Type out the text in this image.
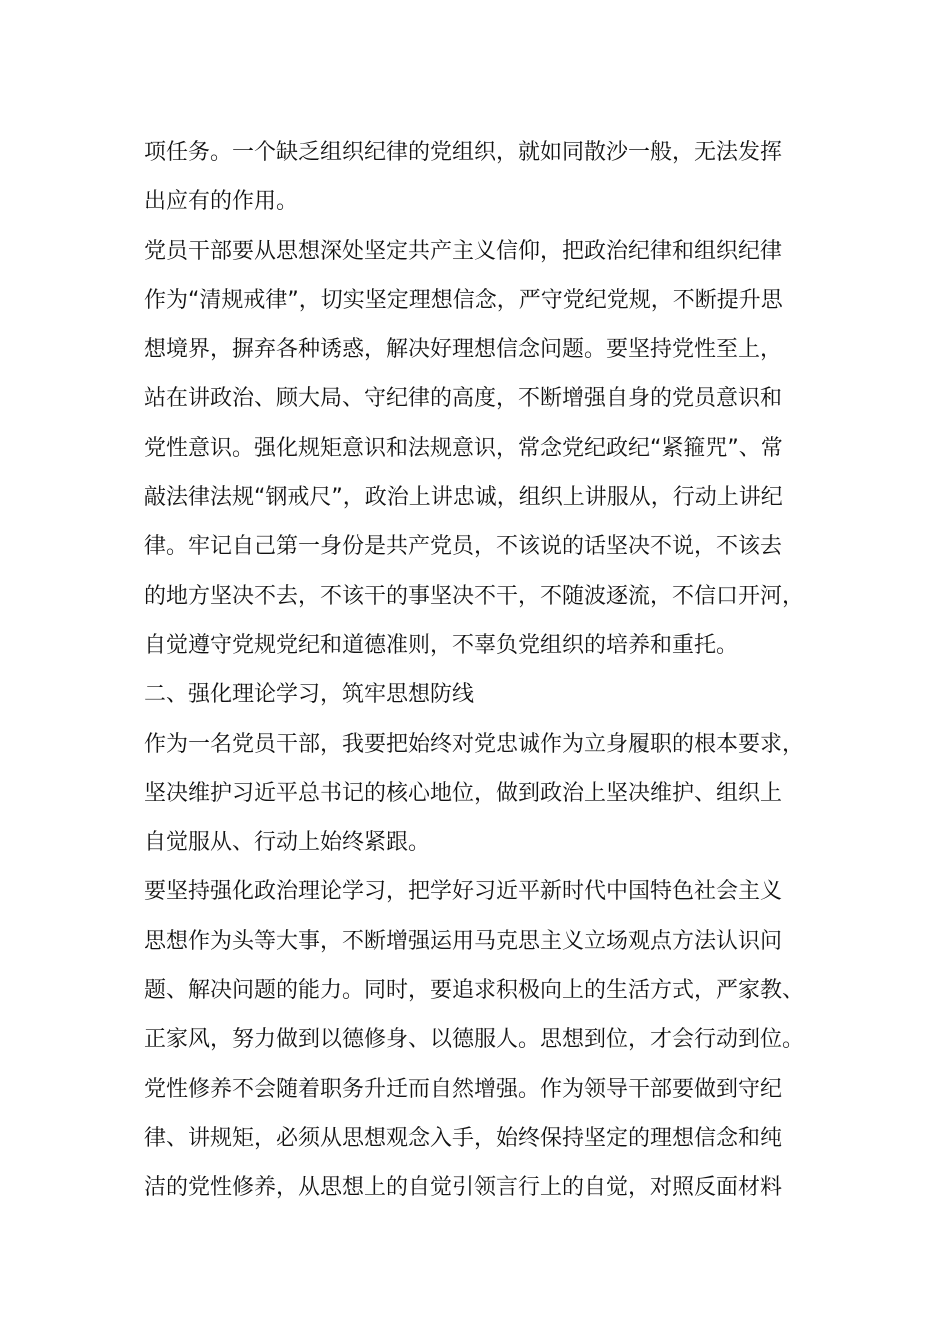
项任务。一个缺乏组织纪律的党组织，就如同散沙一般，无法发挥
出应有的作用。
党员干部要从思想深处坚定共产主义信仰，把政治纪律和组织纪律
作为“清规戒律”，切实坚定理想信念，严守党纪党规，不断提升思
想境界，摒弃各种诱惑，解决好理想信念问题。要坚持党性至上，
站在讲政治、顾大局、守纪律的高度，不断增强自身的党员意识和
党性意识。强化规矩意识和法规意识，常念党纪政纪“紧箍咒”、常
敲法律法规“钢戒尺”，政治上讲忠诚，组织上讲服从，行动上讲纪
律。牢记自己第一身份是共产党员，不该说的话坚决不说，不该去
的地方坚决不去，不该干的事坚决不干，不随波逐流，不信口开河，
自觉遵守党规党纪和道德准则，不辜负党组织的培养和重托。
二、强化理论学习，筑牢思想防线
作为一名党员干部，我要把始终对党忠诚作为立身履职的根本要求，
坚决维护习近平总书记的核心地位，做到政治上坚决维护、组织上
自觉服从、行动上始终紧跟。
要坚持强化政治理论学习，把学好习近平新时代中国特色社会主义
思想作为头等大事，不断增强运用马克思主义立场观点方法认识问
题、解决问题的能力。同时，要追求积极向上的生活方式，严家教、
正家风，努力做到以德修身、以德服人。思想到位，才会行动到位。
党性修养不会随着职务升迁而自然增强。作为领导干部要做到守纪
律、讲规矩，必须从思想观念入手，始终保持坚定的理想信念和纯
洁的党性修养，从思想上的自觉引领言行上的自觉，对照反面材料
